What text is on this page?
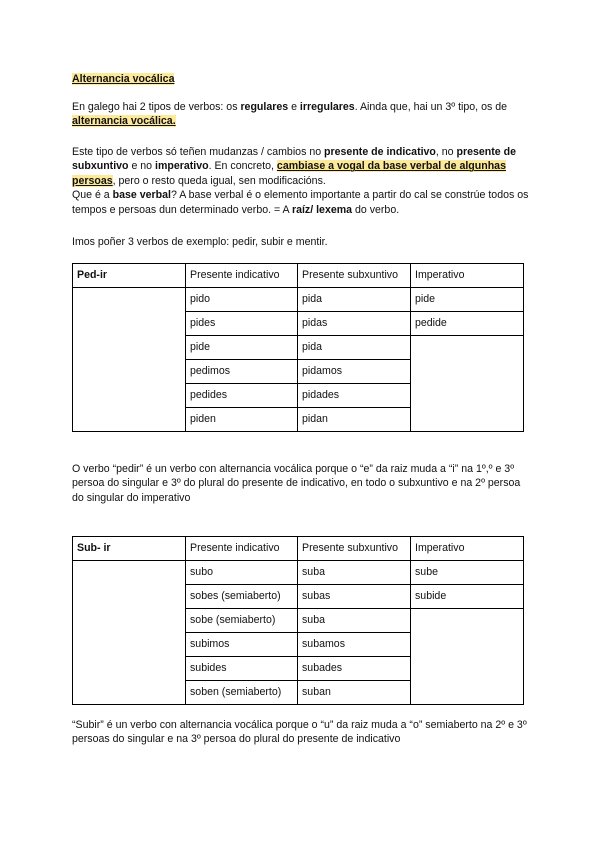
Alternancia vocálica
En galego hai 2 tipos de verbos: os regulares e irregulares. Ainda que, hai un 3º tipo, os de alternancia vocálica.
Este tipo de verbos só teñen mudanzas / cambios no presente de indicativo, no presente de subxuntivo e no imperativo. En concreto, cambiase a vogal da base verbal de algunhas persoas, pero o resto queda igual, sen modificacións.
Que é a base verbal? A base verbal é o elemento importante a partir do cal se constrúe todos os tempos e persoas dun determinado verbo. = A raíz/ lexema do verbo.
Imos poñer 3 verbos de exemplo: pedir, subir e mentir.
Ped-ir	Presente indicativo	Presente subxuntivo	Imperativo
	pido	pida	pide
	pides	pidas	pedide
	pide	pida	
	pedimos	pidamos	
	pedides	pidades	
	piden	pidan	
O verbo “pedir” é un verbo con alternancia vocálica porque o “e” da raiz muda a “i” na 1º,º e 3º persoa do singular e 3º do plural do presente de indicativo, en todo o subxuntivo e na 2º persoa do singular do imperativo
Sub- ir	Presente indicativo	Presente subxuntivo	Imperativo
	subo	suba	sube
	sobes (semiaberto)	subas	subide
	sobe (semiaberto)	suba	
	subimos	subamos	
	subides	subades	
	soben (semiaberto)	suban	
“Subir” é un verbo con alternancia vocálica porque o “u” da raiz muda a “o” semiaberto na 2º e 3º persoas do singular e na 3º persoa do plural do presente de indicativo
